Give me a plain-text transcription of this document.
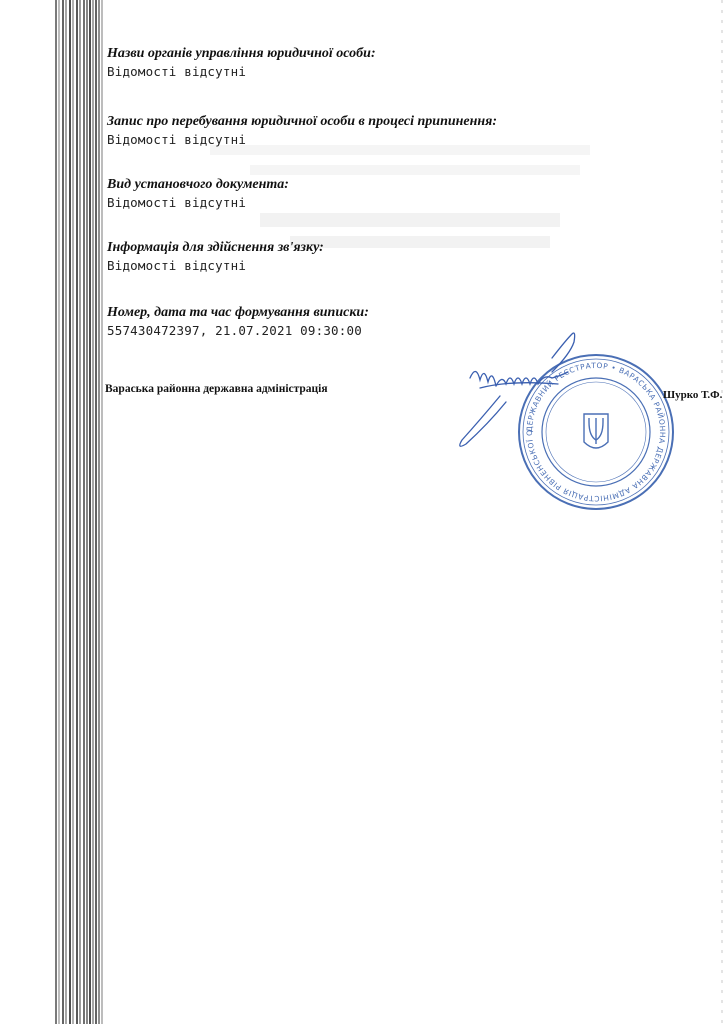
Назви органів управління юридичної особи:
Відомості відсутні
Запис про перебування юридичної особи в процесі припинення:
Відомості відсутні
Вид установчого документа:
Відомості відсутні
Інформація для здійснення зв'язку:
Відомості відсутні
Номер, дата та час формування виписки:
557430472397, 21.07.2021 09:30:00
Вараська районна державна адміністрація
ДЕРЖАВНИЙ РЕЄСТРАТОР • ВАРАСЬКА РАЙОННА ДЕРЖАВНА АДМІНІСТРАЦІЯ РІВНЕНСЬКОЇ О
Шурко Т.Ф.
